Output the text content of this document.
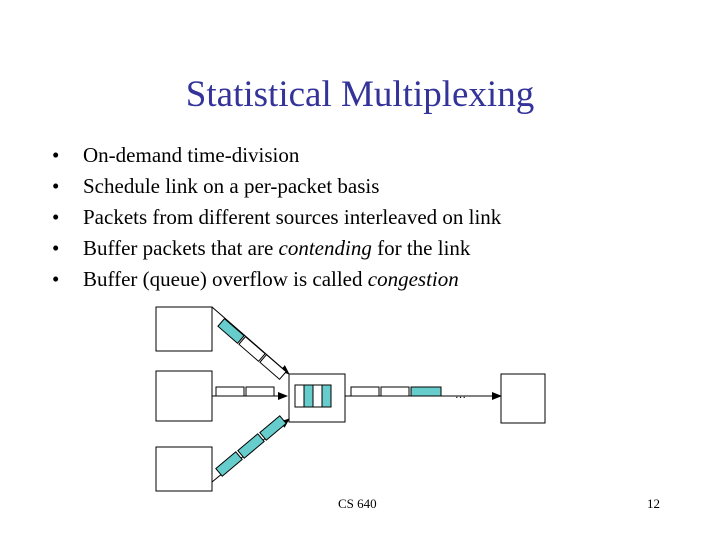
Statistical Multiplexing
• On-demand time-division
• Schedule link on a per-packet basis
• Packets from different sources interleaved on link
• Buffer packets that are contending for the link
• Buffer (queue) overflow is called congestion
…
CS 640	12
